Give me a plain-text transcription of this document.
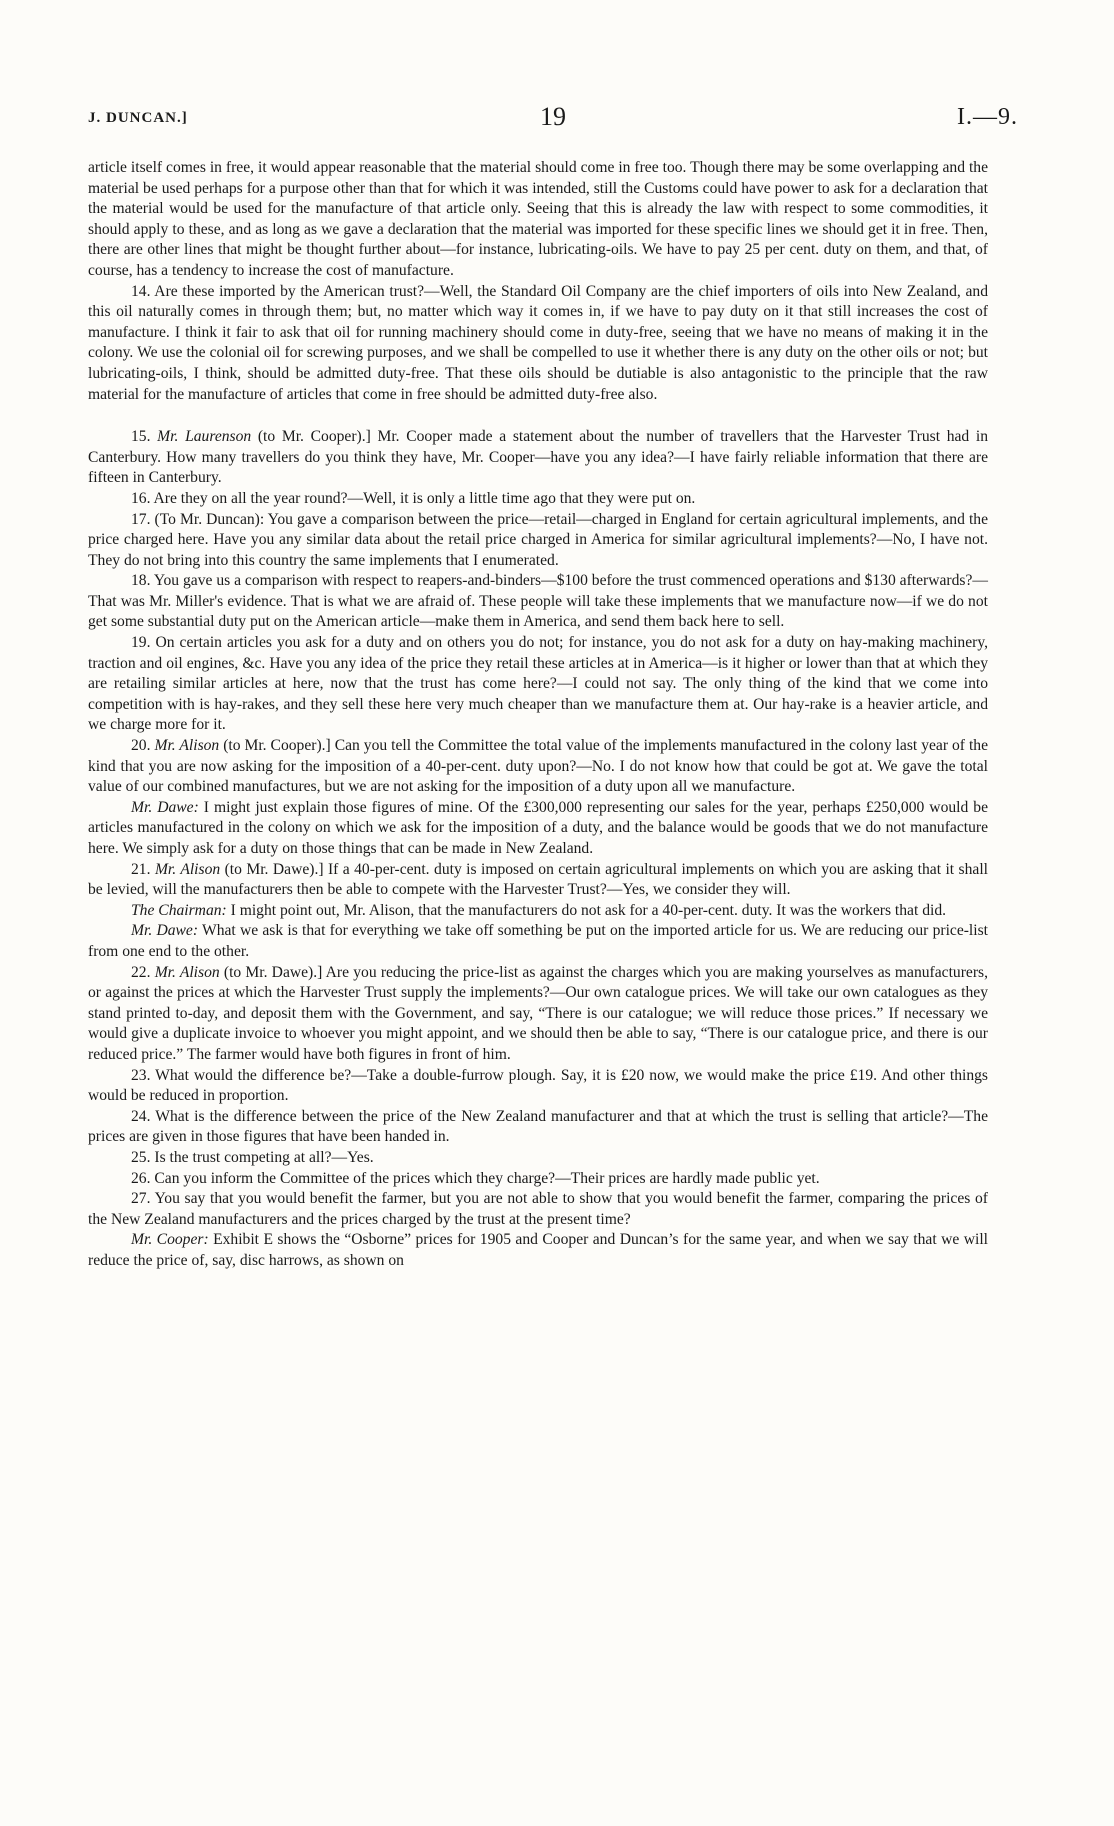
J. DUNCAN.]	19	I.—9.

article itself comes in free, it would appear reasonable that the material should come in free too. Though there may be some overlapping and the material be used perhaps for a purpose other than that for which it was intended, still the Customs could have power to ask for a declaration that the material would be used for the manufacture of that article only. Seeing that this is already the law with respect to some commodities, it should apply to these, and as long as we gave a declaration that the material was imported for these specific lines we should get it in free. Then, there are other lines that might be thought further about—for instance, lubricating-oils. We have to pay 25 per cent. duty on them, and that, of course, has a tendency to increase the cost of manufacture.

14. Are these imported by the American trust?—Well, the Standard Oil Company are the chief importers of oils into New Zealand, and this oil naturally comes in through them; but, no matter which way it comes in, if we have to pay duty on it that still increases the cost of manufacture. I think it fair to ask that oil for running machinery should come in duty-free, seeing that we have no means of making it in the colony. We use the colonial oil for screwing purposes, and we shall be compelled to use it whether there is any duty on the other oils or not; but lubricating-oils, I think, should be admitted duty-free. That these oils should be dutiable is also antagonistic to the principle that the raw material for the manufacture of articles that come in free should be admitted duty-free also.

15. Mr. Laurenson (to Mr. Cooper).] Mr. Cooper made a statement about the number of travellers that the Harvester Trust had in Canterbury. How many travellers do you think they have, Mr. Cooper—have you any idea?—I have fairly reliable information that there are fifteen in Canterbury.

16. Are they on all the year round?—Well, it is only a little time ago that they were put on.

17. (To Mr. Duncan): You gave a comparison between the price—retail—charged in England for certain agricultural implements, and the price charged here. Have you any similar data about the retail price charged in America for similar agricultural implements?—No, I have not. They do not bring into this country the same implements that I enumerated.

18. You gave us a comparison with respect to reapers-and-binders—$100 before the trust commenced operations and $130 afterwards?—That was Mr. Miller's evidence. That is what we are afraid of. These people will take these implements that we manufacture now—if we do not get some substantial duty put on the American article—make them in America, and send them back here to sell.

19. On certain articles you ask for a duty and on others you do not; for instance, you do not ask for a duty on hay-making machinery, traction and oil engines, &c. Have you any idea of the price they retail these articles at in America—is it higher or lower than that at which they are retailing similar articles at here, now that the trust has come here?—I could not say. The only thing of the kind that we come into competition with is hay-rakes, and they sell these here very much cheaper than we manufacture them at. Our hay-rake is a heavier article, and we charge more for it.

20. Mr. Alison (to Mr. Cooper).] Can you tell the Committee the total value of the implements manufactured in the colony last year of the kind that you are now asking for the imposition of a 40-per-cent. duty upon?—No. I do not know how that could be got at. We gave the total value of our combined manufactures, but we are not asking for the imposition of a duty upon all we manufacture.

Mr. Dawe: I might just explain those figures of mine. Of the £300,000 representing our sales for the year, perhaps £250,000 would be articles manufactured in the colony on which we ask for the imposition of a duty, and the balance would be goods that we do not manufacture here. We simply ask for a duty on those things that can be made in New Zealand.

21. Mr. Alison (to Mr. Dawe).] If a 40-per-cent. duty is imposed on certain agricultural implements on which you are asking that it shall be levied, will the manufacturers then be able to compete with the Harvester Trust?—Yes, we consider they will.

The Chairman: I might point out, Mr. Alison, that the manufacturers do not ask for a 40-per-cent. duty. It was the workers that did.

Mr. Dawe: What we ask is that for everything we take off something be put on the imported article for us. We are reducing our price-list from one end to the other.

22. Mr. Alison (to Mr. Dawe).] Are you reducing the price-list as against the charges which you are making yourselves as manufacturers, or against the prices at which the Harvester Trust supply the implements?—Our own catalogue prices. We will take our own catalogues as they stand printed to-day, and deposit them with the Government, and say, “There is our catalogue; we will reduce those prices.” If necessary we would give a duplicate invoice to whoever you might appoint, and we should then be able to say, “There is our catalogue price, and there is our reduced price.” The farmer would have both figures in front of him.

23. What would the difference be?—Take a double-furrow plough. Say, it is £20 now, we would make the price £19. And other things would be reduced in proportion.

24. What is the difference between the price of the New Zealand manufacturer and that at which the trust is selling that article?—The prices are given in those figures that have been handed in.

25. Is the trust competing at all?—Yes.

26. Can you inform the Committee of the prices which they charge?—Their prices are hardly made public yet.

27. You say that you would benefit the farmer, but you are not able to show that you would benefit the farmer, comparing the prices of the New Zealand manufacturers and the prices charged by the trust at the present time?

Mr. Cooper: Exhibit E shows the “Osborne” prices for 1905 and Cooper and Duncan’s for the same year, and when we say that we will reduce the price of, say, disc harrows, as shown on
